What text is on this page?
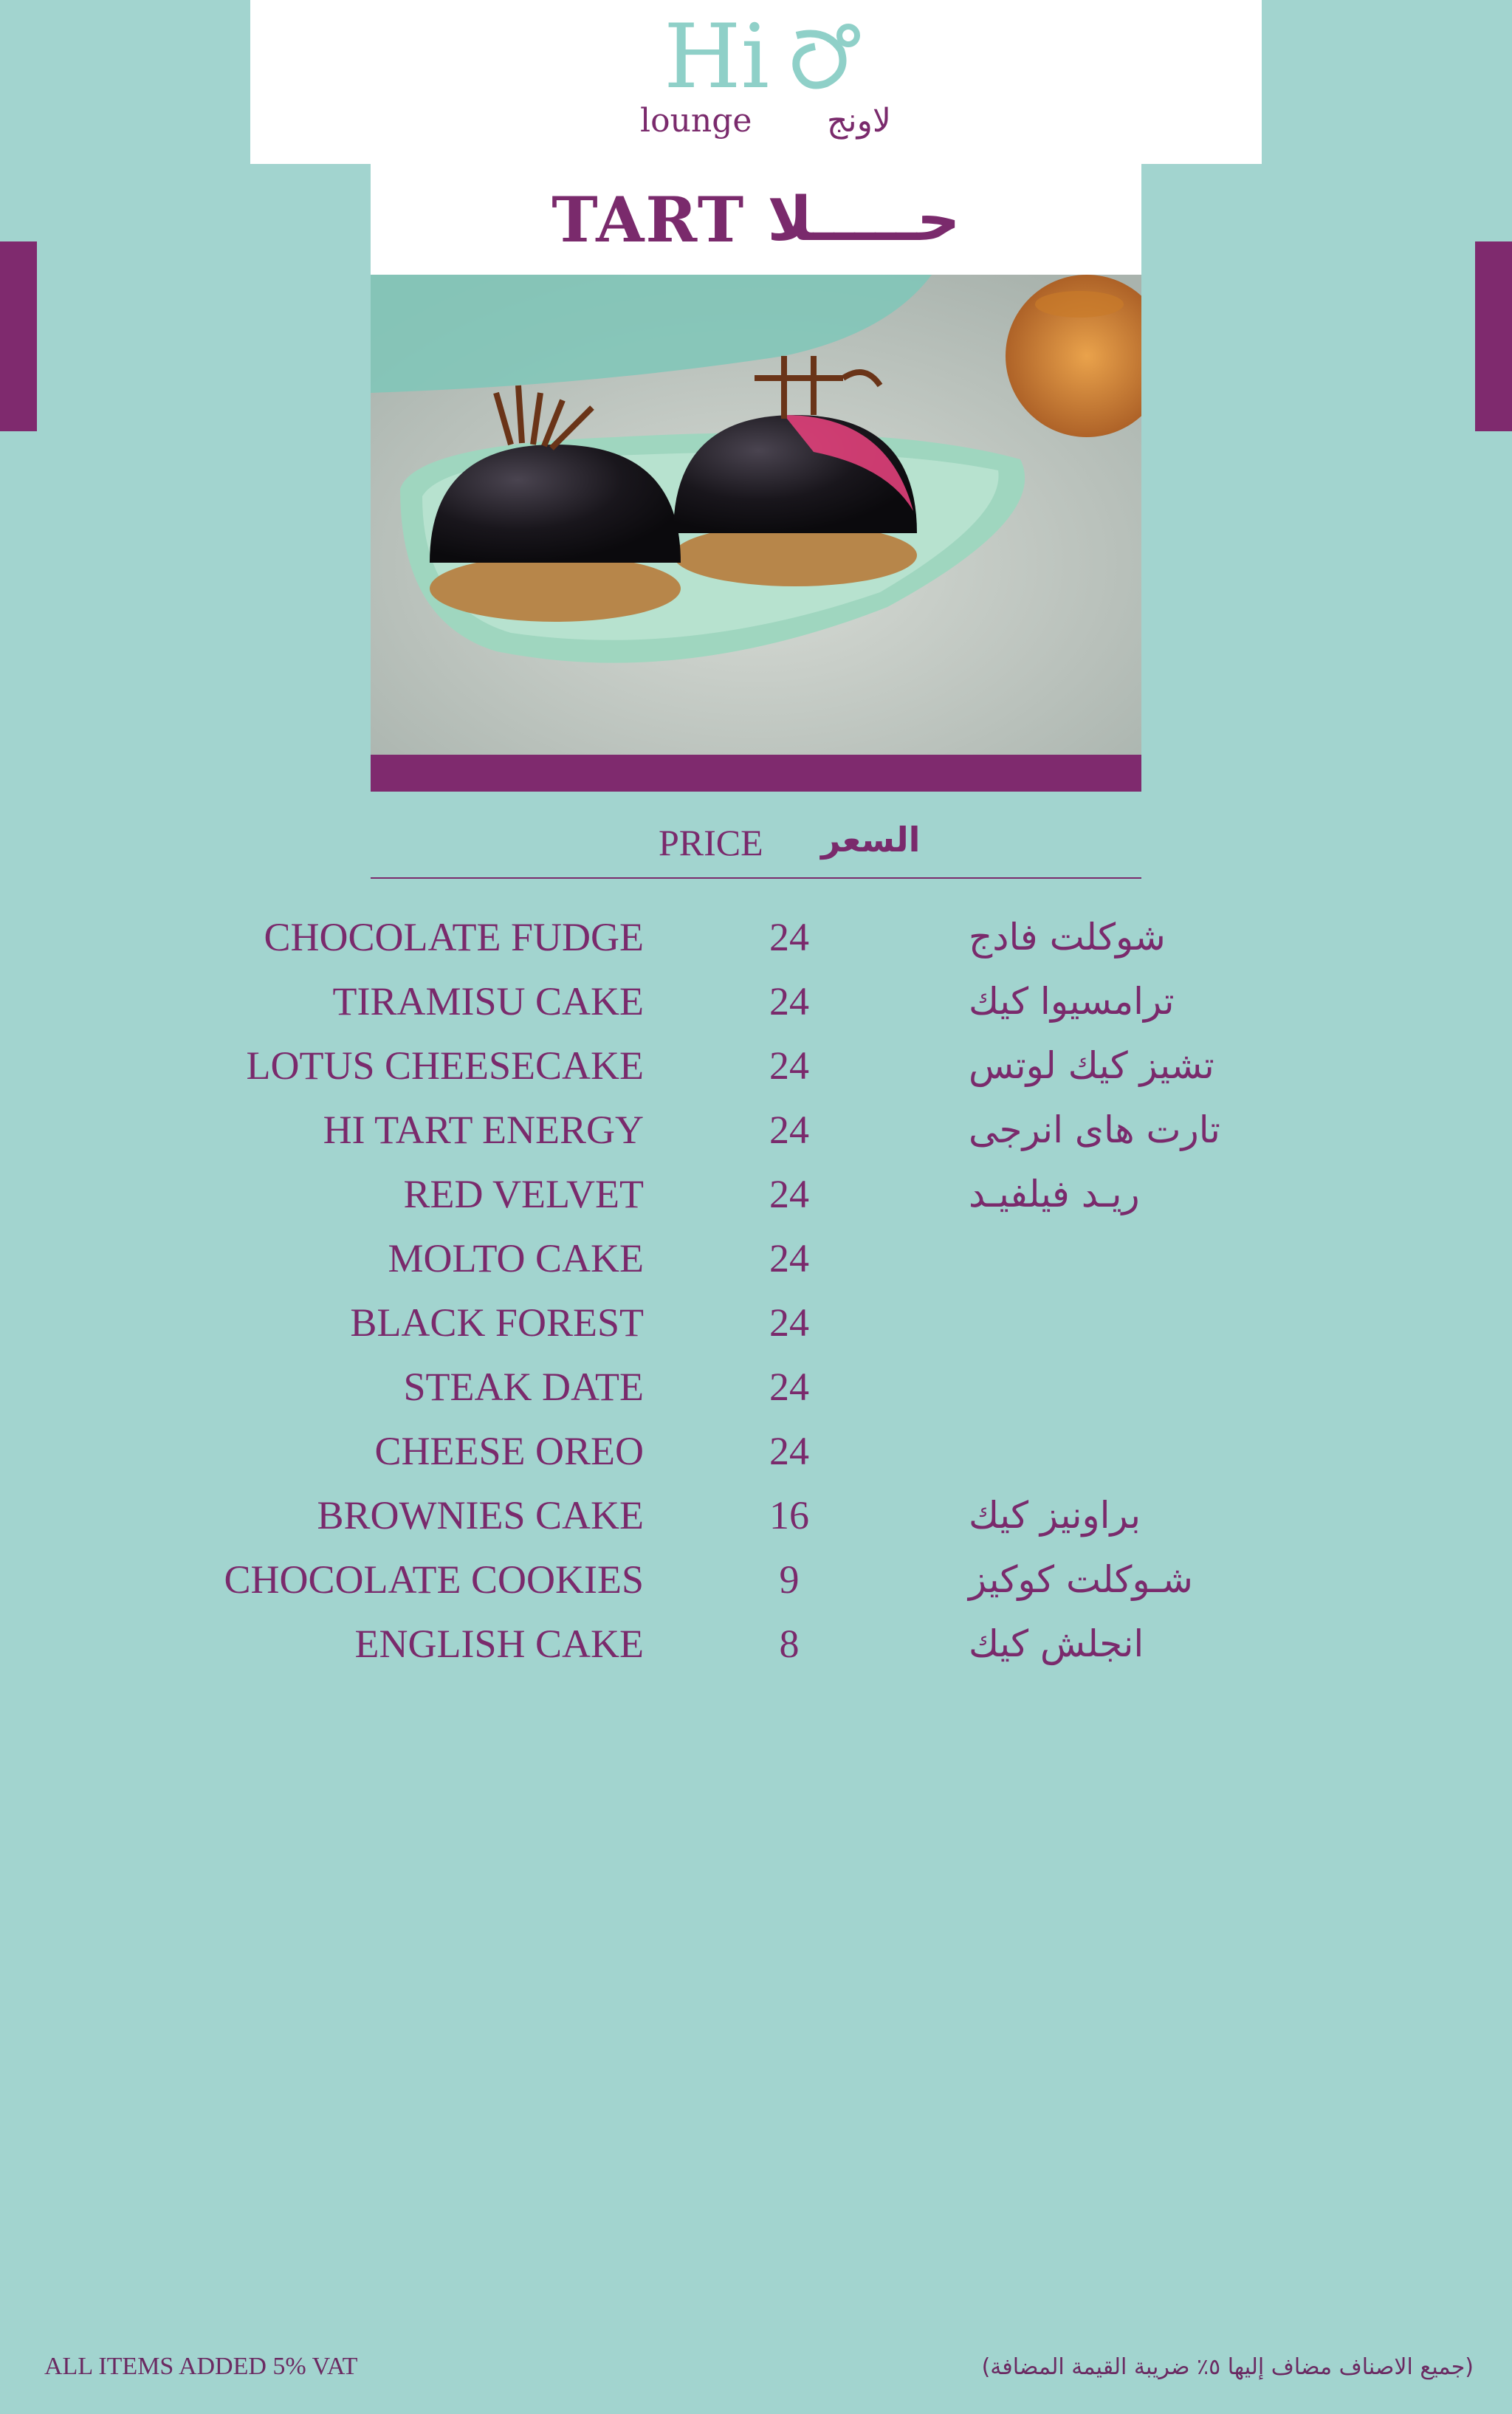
Hi
lounge لاونج
TART حـــــلا
PRICE السعر
CHOCOLATE FUDGE	24	شوكلت فادج
TIRAMISU CAKE	24	ترامسيوا كيك
LOTUS CHEESECAKE	24	تشيز كيك لوتس
HI TART ENERGY	24	تارت هاى انرجى
RED VELVET	24	ريـد فيلفيـد
MOLTO CAKE	24
BLACK FOREST	24
STEAK DATE	24
CHEESE OREO	24
BROWNIES CAKE	16	براونيز كيك
CHOCOLATE COOKIES	9	شـوكلت كوكيز
ENGLISH CAKE	8	انجلش كيك
ALL ITEMS ADDED 5% VAT	(جميع الاصناف مضاف إليها ٥٪ ضريبة القيمة المضافة)
